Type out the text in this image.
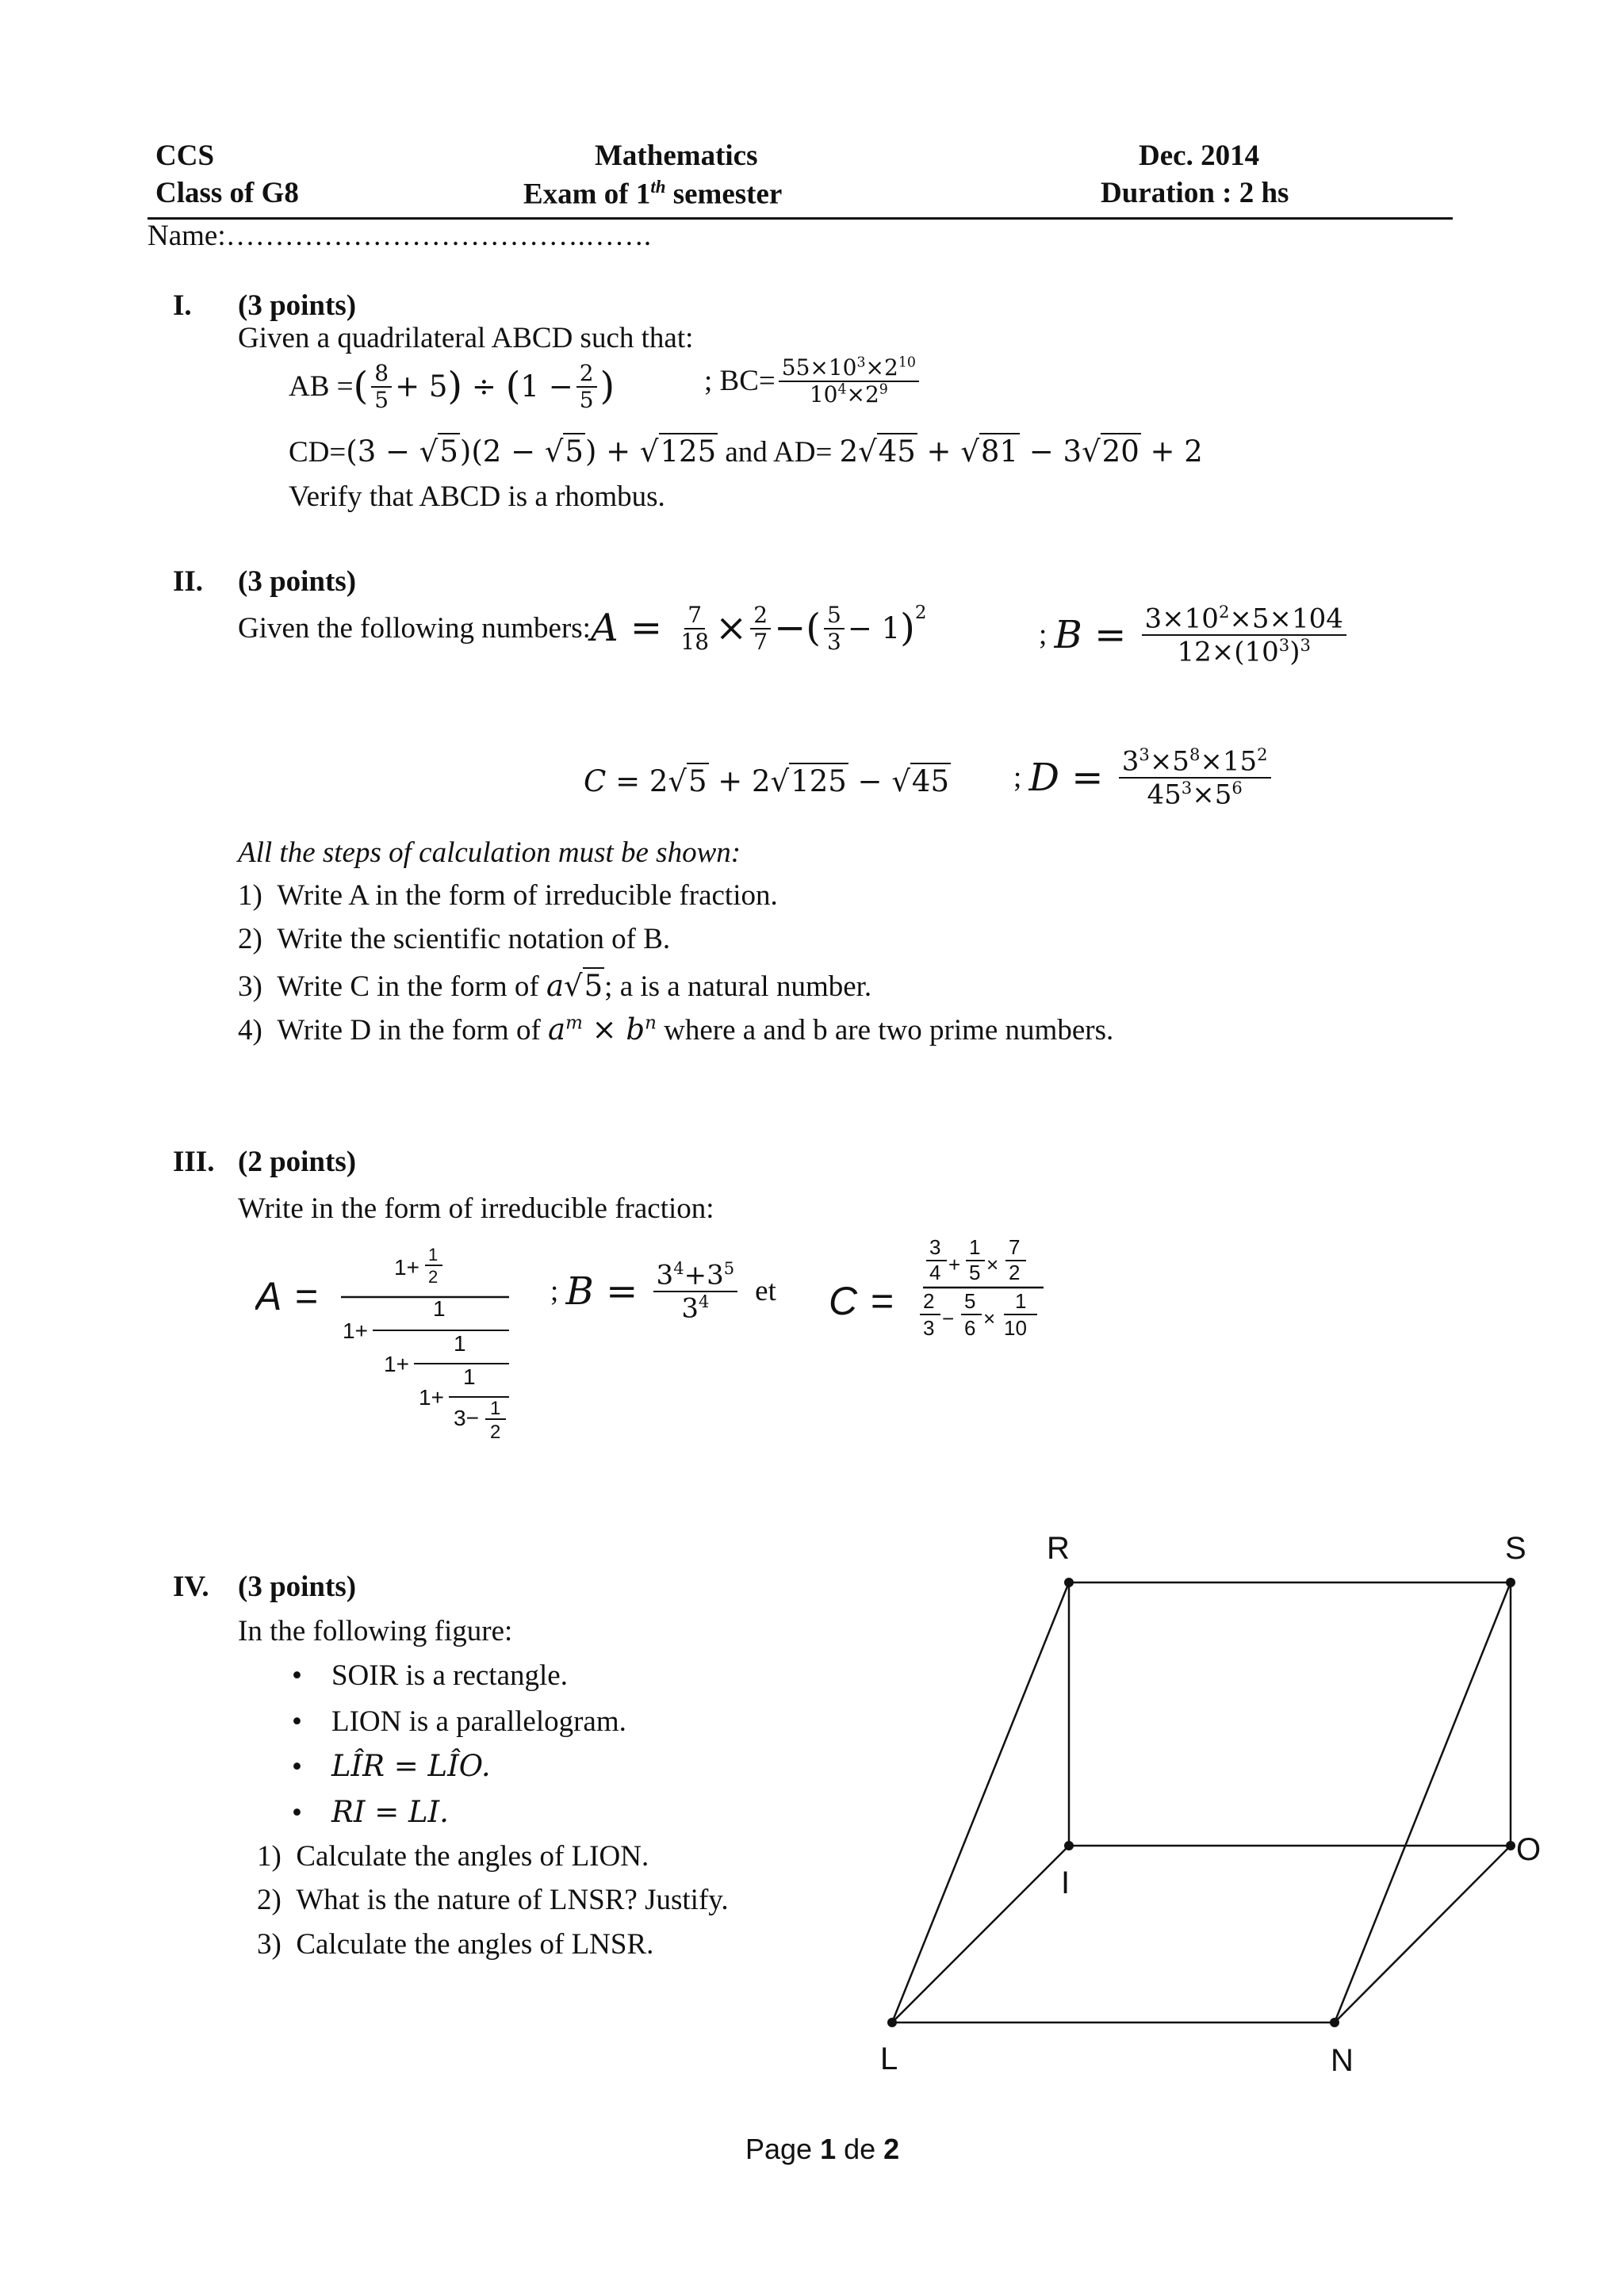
CCS
Class of G8
Mathematics
Exam of 1th semester
Dec. 2014
Duration : 2 hs
Name:……………………………….…….
I. (3 points)
Given a quadrilateral ABCD such that:
AB = ( $\frac{8}{5} + 5$ ) ÷ ( $1 - \frac{2}{5}$ )	; $BC= \frac{55\times 10^3\times 2^{10}}{10^4\times 2^9}$
CD=(3 − √5)(2 − √5) + √125 and AD= 2√45 + √81 − 3√20 + 2
Verify that ABCD is a rhombus.
II. (3 points)
Given the following numbers: $A = \frac{7}{18} \times \frac{2}{7}$ − ( $\frac{5}{3} - 1$ )$^2$
; $B = \frac{3\times 10^2\times 5\times 104}{12\times(10^3)^3}$
C = 2√5 + 2√125 − √45 ; $D = \frac{3^3\times 5^8\times 15^2}{45^3\times 5^6}$
All the steps of calculation must be shown:
1) Write A in the form of irreducible fraction.
2) Write the scientific notation of B.
3) Write C in the form of a√5; a is a natural number.
4) Write D in the form of $a^m \times b^n$ where a and b are two prime numbers.
III. (2 points)
Write in the form of irreducible fraction:
A =
1+
1
2
1
1+
1
1+
1
1+ 1
3−
2
; $B = \frac{3^4+3^5}{3^4}$ et C =
3
4 +
1
5 ×
7
2
2
3 −
5
6 ×
1
10
IV. (3 points)
In the following figure:
•    SOIR is a rectangle.
•    LION is a parallelogram.
•    LÎR = LÎO.
•    RI = LI.
1) Calculate the angles of LION.
2) What is the nature of LNSR? Justify.
3) Calculate the angles of LNSR.
R	S
I
O
L	N
Page 1 de 2
